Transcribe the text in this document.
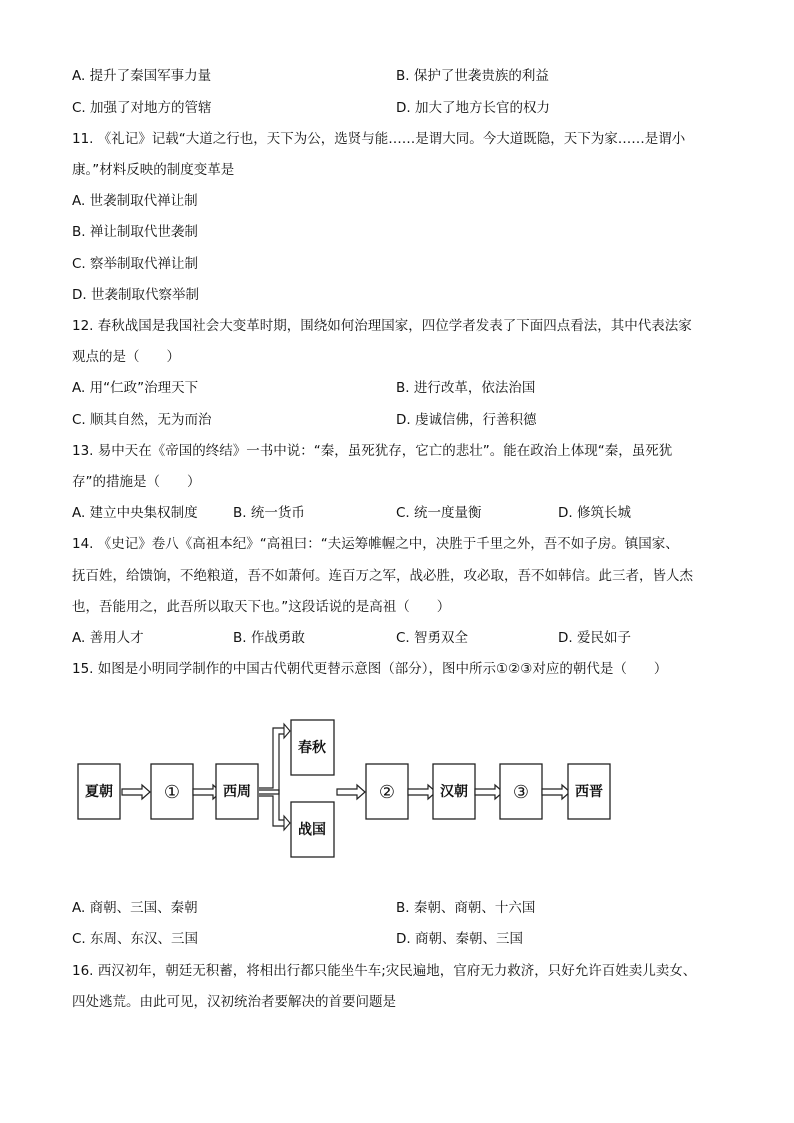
A. 提升了秦国军事力量	B. 保护了世袭贵族的利益
C. 加强了对地方的管辖	D. 加大了地方长官的权力
11. 《礼记》记载“大道之行也，天下为公，选贤与能……是谓大同。今大道既隐，天下为家……是谓小
康。”材料反映的制度变革是
A. 世袭制取代禅让制
B. 禅让制取代世袭制
C. 察举制取代禅让制
D. 世袭制取代察举制
12. 春秋战国是我国社会大变革时期，围绕如何治理国家，四位学者发表了下面四点看法，其中代表法家
观点的是（　　）
A. 用“仁政”治理天下	B. 进行改革，依法治国
C. 顺其自然，无为而治	D. 虔诚信佛，行善积德
13. 易中天在《帝国的终结》一书中说：“秦，虽死犹存，它亡的悲壮”。能在政治上体现“秦，虽死犹
存”的措施是（　　）
A. 建立中央集权制度	B. 统一货币	C. 统一度量衡	D. 修筑长城
14. 《史记》卷八《高祖本纪》“高祖曰：“夫运筹帷幄之中，决胜于千里之外，吾不如子房。镇国家、
抚百姓，给馈饷，不绝粮道，吾不如萧何。连百万之军，战必胜，攻必取，吾不如韩信。此三者，皆人杰
也，吾能用之，此吾所以取天下也。”这段话说的是高祖（　　）
A. 善用人才	B. 作战勇敢	C. 智勇双全	D. 爱民如子
15. 如图是小明同学制作的中国古代朝代更替示意图（部分），图中所示①②③对应的朝代是（　　）
夏朝	①	西周
春秋
战国
②	汉朝 ③	西晋
A. 商朝、三国、秦朝	B. 秦朝、商朝、十六国
C. 东周、东汉、三国	D. 商朝、秦朝、三国
16. 西汉初年，朝廷无积蓄，将相出行都只能坐牛车;灾民遍地，官府无力救济，只好允许百姓卖儿卖女、
四处逃荒。由此可见，汉初统治者要解决的首要问题是
